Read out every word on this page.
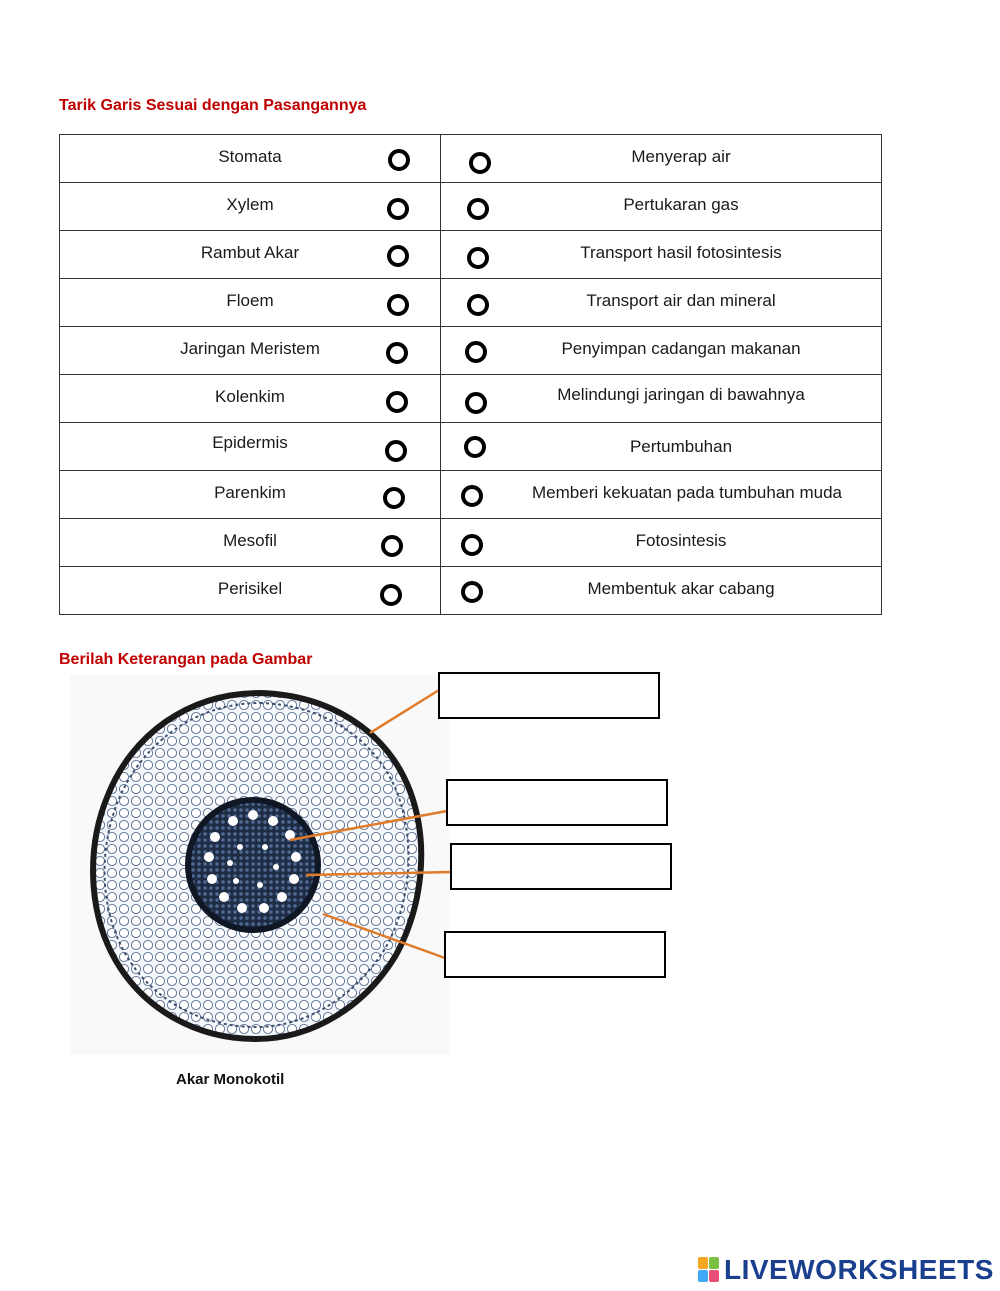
Tarik Garis Sesuai dengan Pasangannya
Stomata	Menyerap air

Xylem	Pertukaran gas

Rambut Akar	Transport hasil fotosintesis

Floem	Transport air dan mineral

Jaringan Meristem	Penyimpan cadangan makanan

Kolenkim	Melindungi jaringan di bawahnya

Epidermis	Pertumbuhan

Parenkim	Memberi kekuatan pada tumbuhan muda

Mesofil	Fotosintesis

Perisikel	Membentuk akar cabang
Berilah Keterangan pada Gambar
Akar Monokotil
LIVEWORKSHEETS
